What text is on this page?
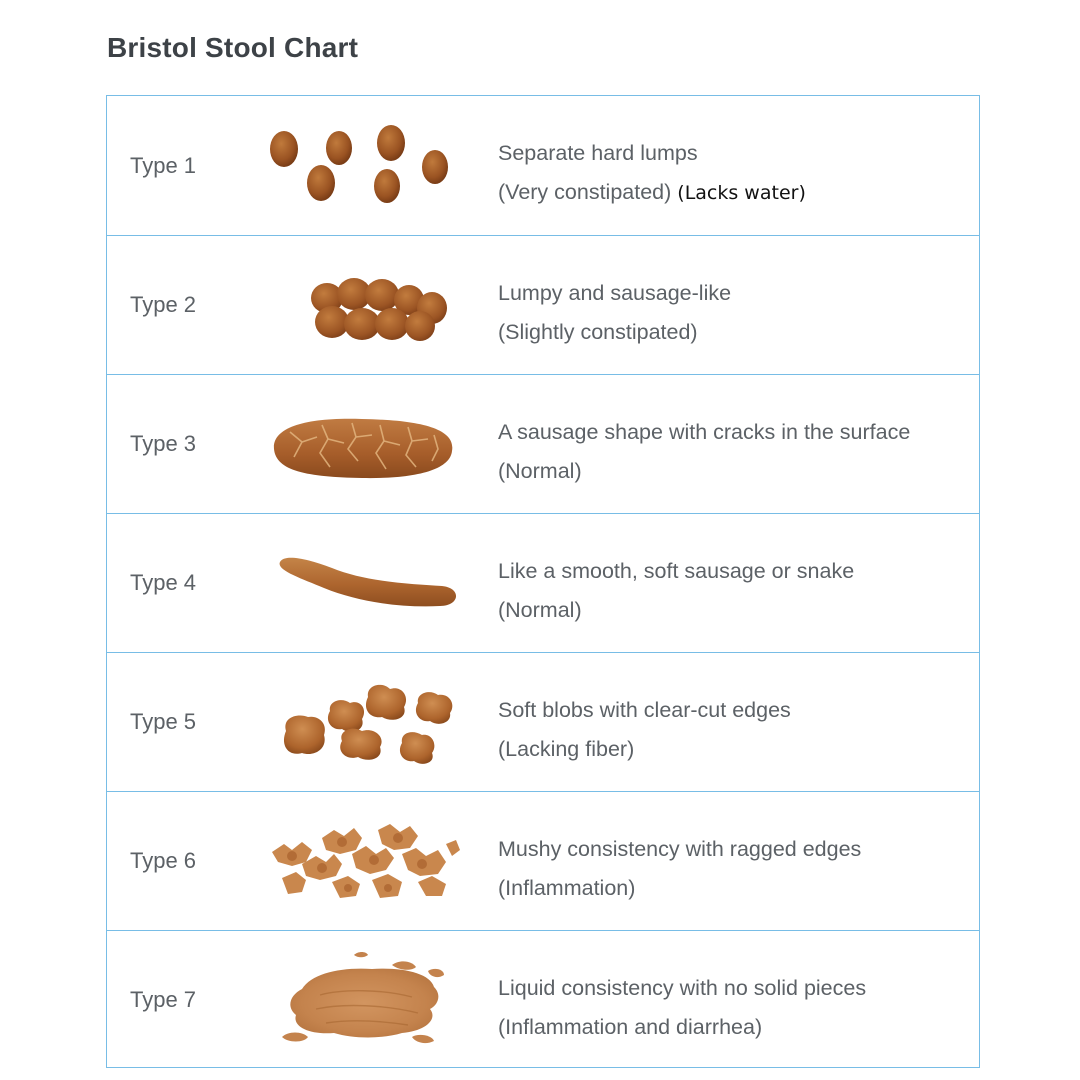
Bristol Stool Chart
Type 1	Separate hard lumps
(Very constipated) (Lacks water)
Type 2	Lumpy and sausage-like
(Slightly constipated)
Type 3	A sausage shape with cracks in the surface
(Normal)
Type 4	Like a smooth, soft sausage or snake
(Normal)
Type 5	Soft blobs with clear-cut edges
(Lacking fiber)
Type 6	Mushy consistency with ragged edges
(Inflammation)
Type 7	Liquid consistency with no solid pieces
(Inflammation and diarrhea)
